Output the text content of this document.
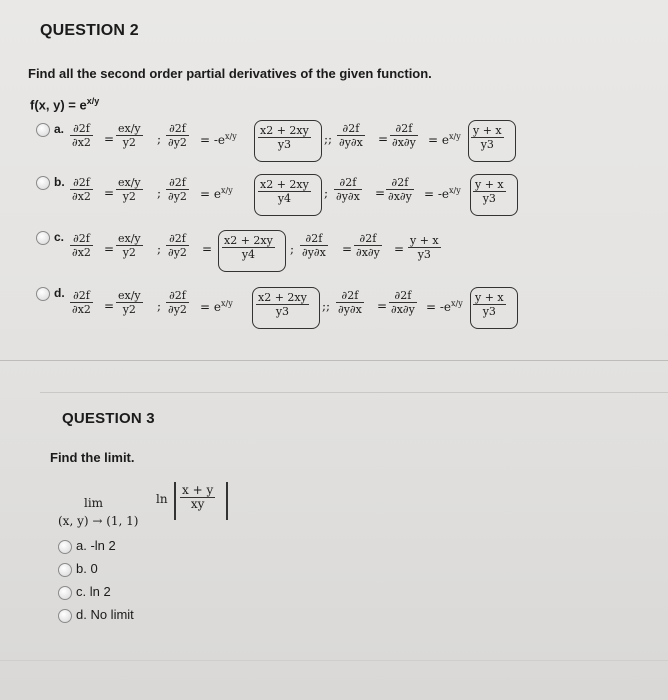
QUESTION 2
Find all the second order partial derivatives of the given function.
f(x, $y) = e^{x/y}$
a. $\frac{\partial 2f}{\partial x2} = \frac{ex/y}{y2}$ ; $\frac{\partial 2f}{\partial y2} = -e^{x/y} \frac{x2 + 2xy}{y3}$ ;; $\frac{\partial 2f}{\partial y\partial x} = \frac{\partial 2f}{\partial x\partial y} = e^{x/y} \frac{y + x}{y3}$
b. $\frac{\partial 2f}{\partial x2} = \frac{ex/y}{y2}$ ; $\frac{\partial 2f}{\partial y2} = e^{x/y} \frac{x2 + 2xy}{y4}$ ; $\frac{\partial 2f}{\partial y\partial x} = \frac{\partial 2f}{\partial x\partial y} = -e^{x/y} \frac{y + x}{y3}$
c. $\frac{\partial 2f}{\partial x2} = \frac{ex/y}{y2}$ ; $\frac{\partial 2f}{\partial y2} = \frac{x2 + 2xy}{y4}$ ; $\frac{\partial 2f}{\partial y\partial x} = \frac{\partial 2f}{\partial x\partial y} = \frac{y + x}{y3}$
d. $\frac{\partial 2f}{\partial x2} = \frac{ex/y}{y2}$ ; $\frac{\partial 2f}{\partial y2} = e^{x/y} \frac{x2 + 2xy}{y3}$ ;; $\frac{\partial 2f}{\partial y\partial x} = \frac{\partial 2f}{\partial x\partial y} = -e^{x/y} \frac{y + x}{y3}$
QUESTION 3
Find the limit.
lim
(x, y) → (1, 1)
$\ln \frac{x + y}{xy}$
a. -ln 2
b. 0
c. ln 2
d. No limit
